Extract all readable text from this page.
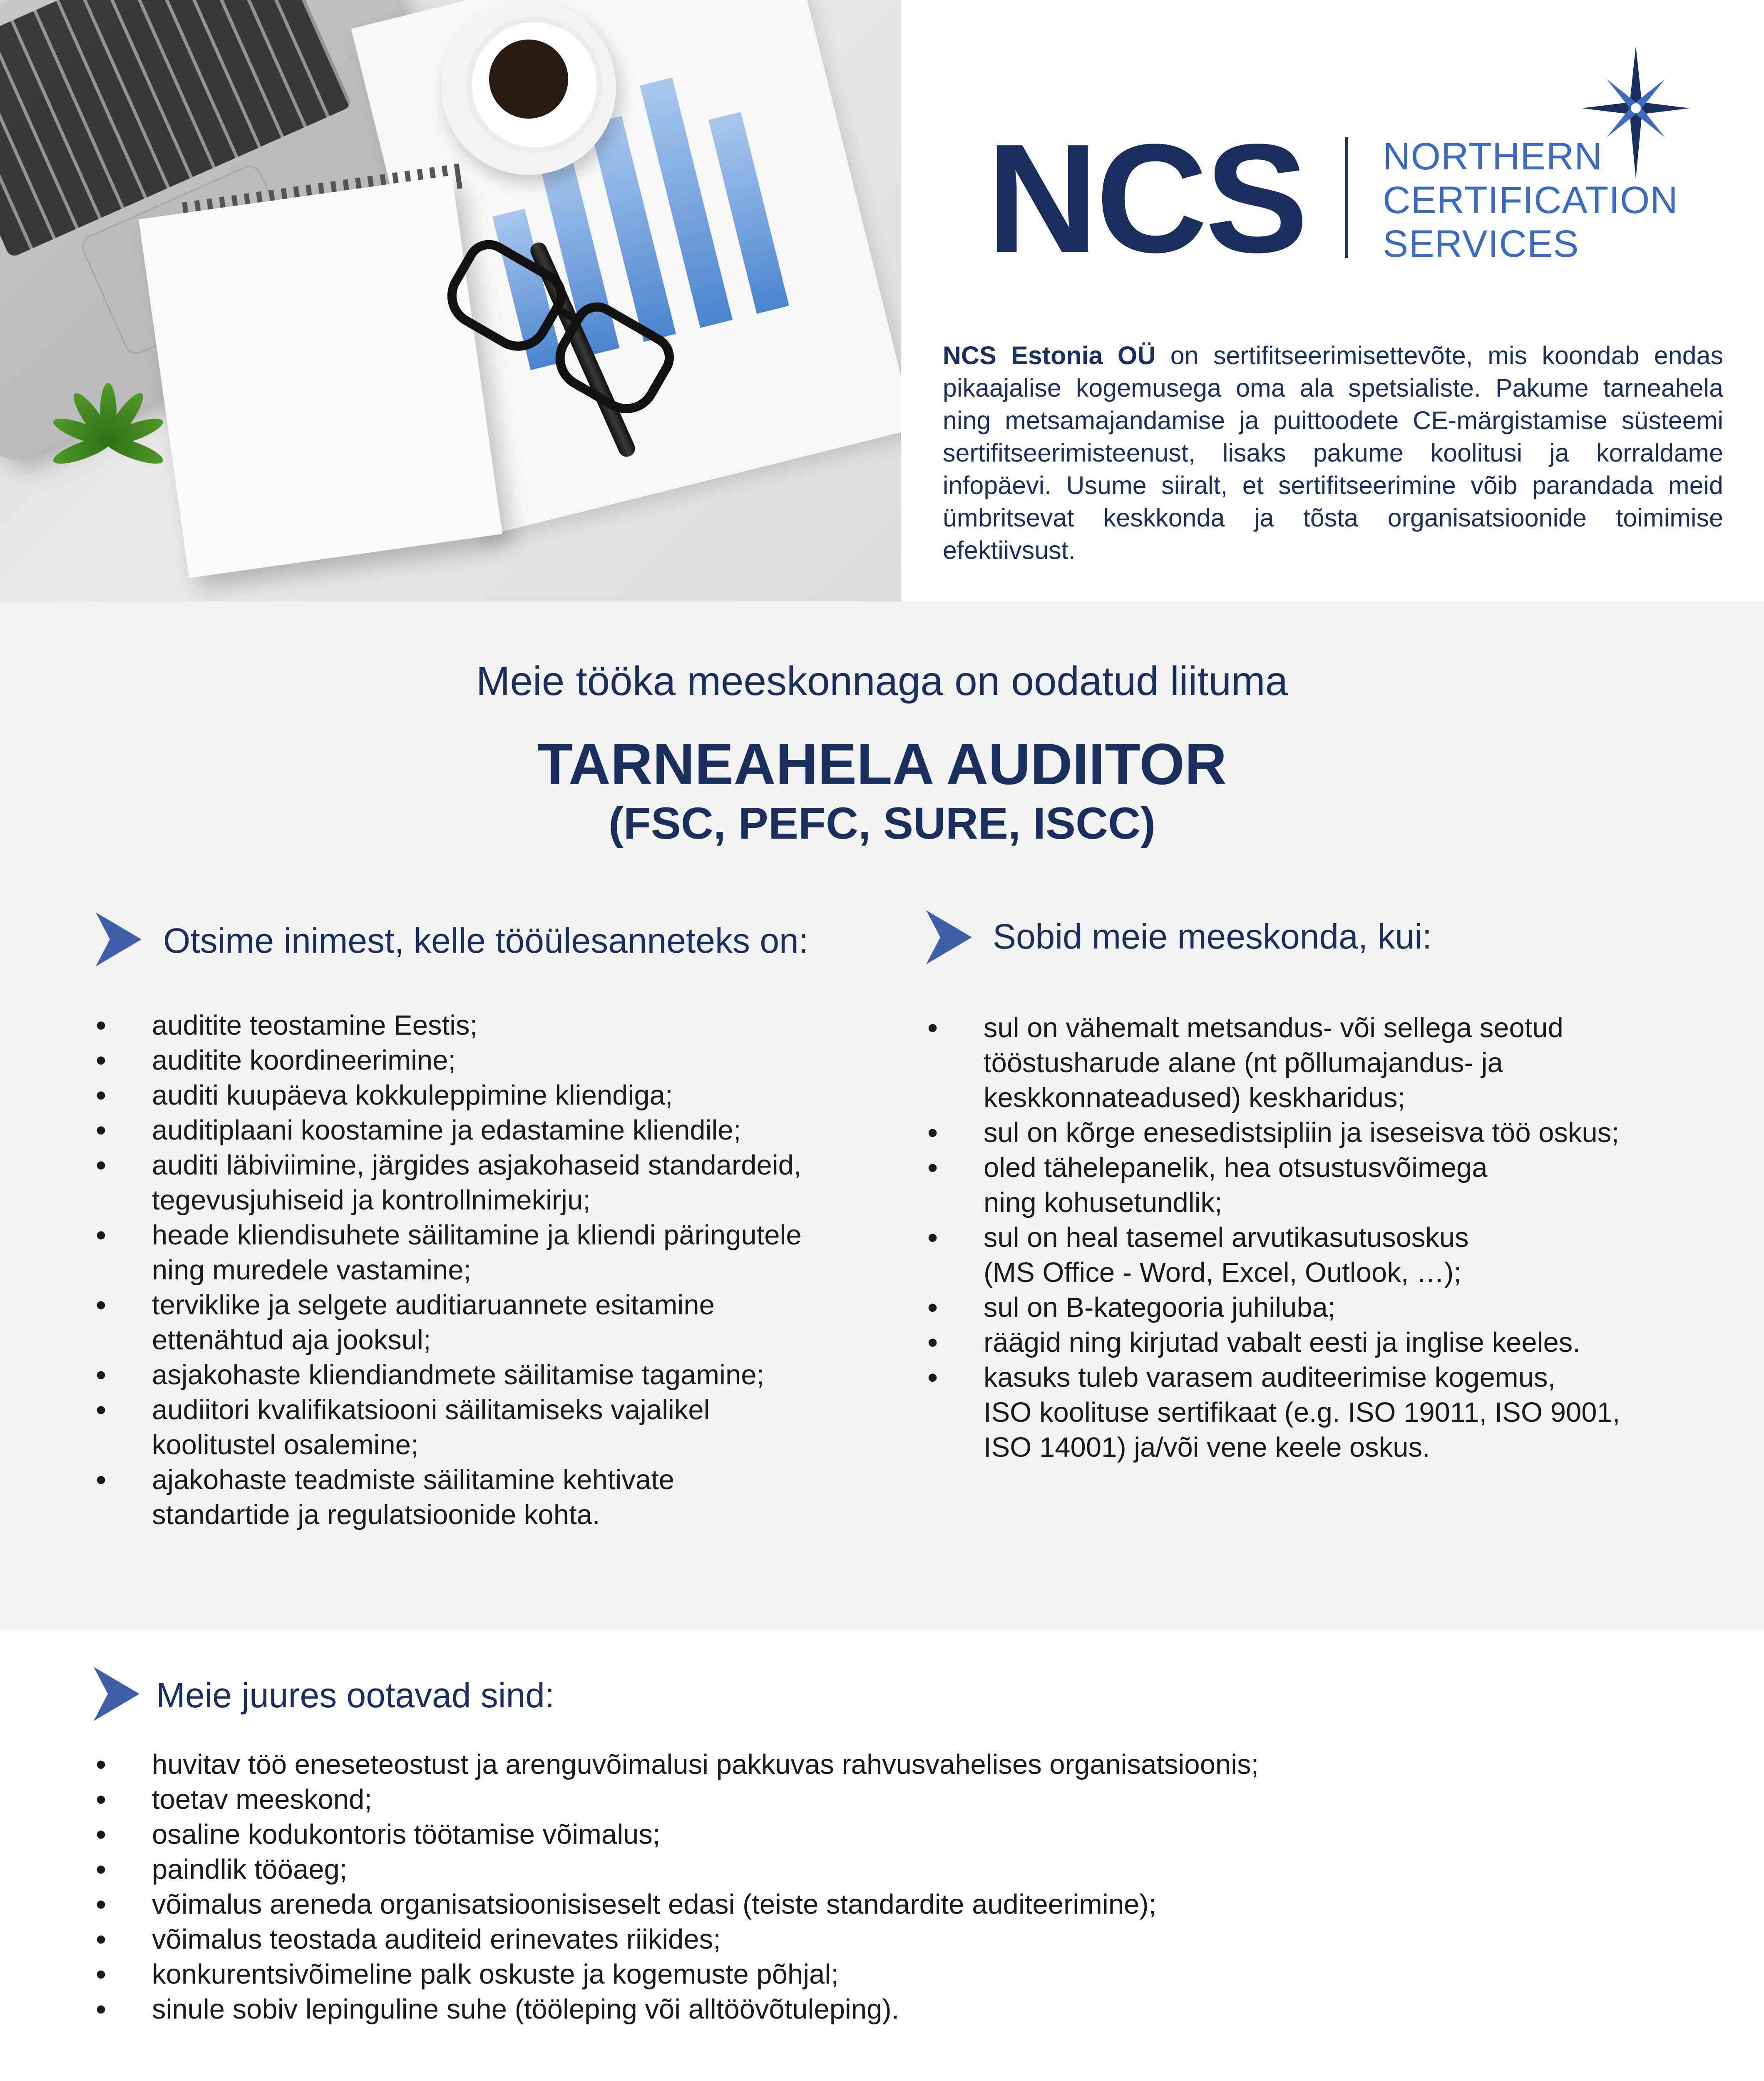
NCS NORTHERN
CERTIFICATION
SERVICES
NCS Estonia OÜ on sertifitseerimisettevõte, mis koondab endas pikaajalise kogemusega oma ala spetsialiste. Pakume tarneahela ning metsamajandamise ja puittoodete CE-märgistamise süsteemi sertifitseerimisteenust, lisaks pakume koolitusi ja korraldame infopäevi. Usume siiralt, et sertifitseerimine võib parandada meid ümbritsevat keskkonda ja tõsta organisatsioonide toimimise efektiivsust.
Meie tööka meeskonnaga on oodatud liituma
TARNEAHELA AUDIITOR
(FSC, PEFC, SURE, ISCC)
Otsime inimest, kelle tööülesanneteks on:
• auditite teostamine Eestis;
• auditite koordineerimine;
• auditi kuupäeva kokkuleppimine kliendiga;
• auditiplaani koostamine ja edastamine kliendile;
• auditi läbiviimine, järgides asjakohaseid standardeid,
tegevusjuhiseid ja kontrollnimekirju;
• heade kliendisuhete säilitamine ja kliendi päringutele
ning muredele vastamine;
• terviklike ja selgete auditiaruannete esitamine
ettenähtud aja jooksul;
• asjakohaste kliendiandmete säilitamise tagamine;
• audiitori kvalifikatsiooni säilitamiseks vajalikel
koolitustel osalemine;
• ajakohaste teadmiste säilitamine kehtivate
standartide ja regulatsioonide kohta.
Sobid meie meeskonda, kui:
• sul on vähemalt metsandus- või sellega seotud
tööstusharude alane (nt põllumajandus- ja
keskkonnateadused) keskharidus;
• sul on kõrge enesedistsipliin ja iseseisva töö oskus;
• oled tähelepanelik, hea otsustusvõimega
ning kohusetundlik;
• sul on heal tasemel arvutikasutusoskus
(MS Office - Word, Excel, Outlook, …);
• sul on B-kategooria juhiluba;
• räägid ning kirjutad vabalt eesti ja inglise keeles.
• kasuks tuleb varasem auditeerimise kogemus,
ISO koolituse sertifikaat (e.g. ISO 19011, ISO 9001,
ISO 14001) ja/või vene keele oskus.
Meie juures ootavad sind:
• huvitav töö eneseteostust ja arenguvõimalusi pakkuvas rahvusvahelises organisatsioonis;
• toetav meeskond;
• osaline kodukontoris töötamise võimalus;
• paindlik tööaeg;
• võimalus areneda organisatsioonisiseselt edasi (teiste standardite auditeerimine);
• võimalus teostada auditeid erinevates riikides;
• konkurentsivõimeline palk oskuste ja kogemuste põhjal;
• sinule sobiv lepinguline suhe (tööleping või alltöövõtuleping).
